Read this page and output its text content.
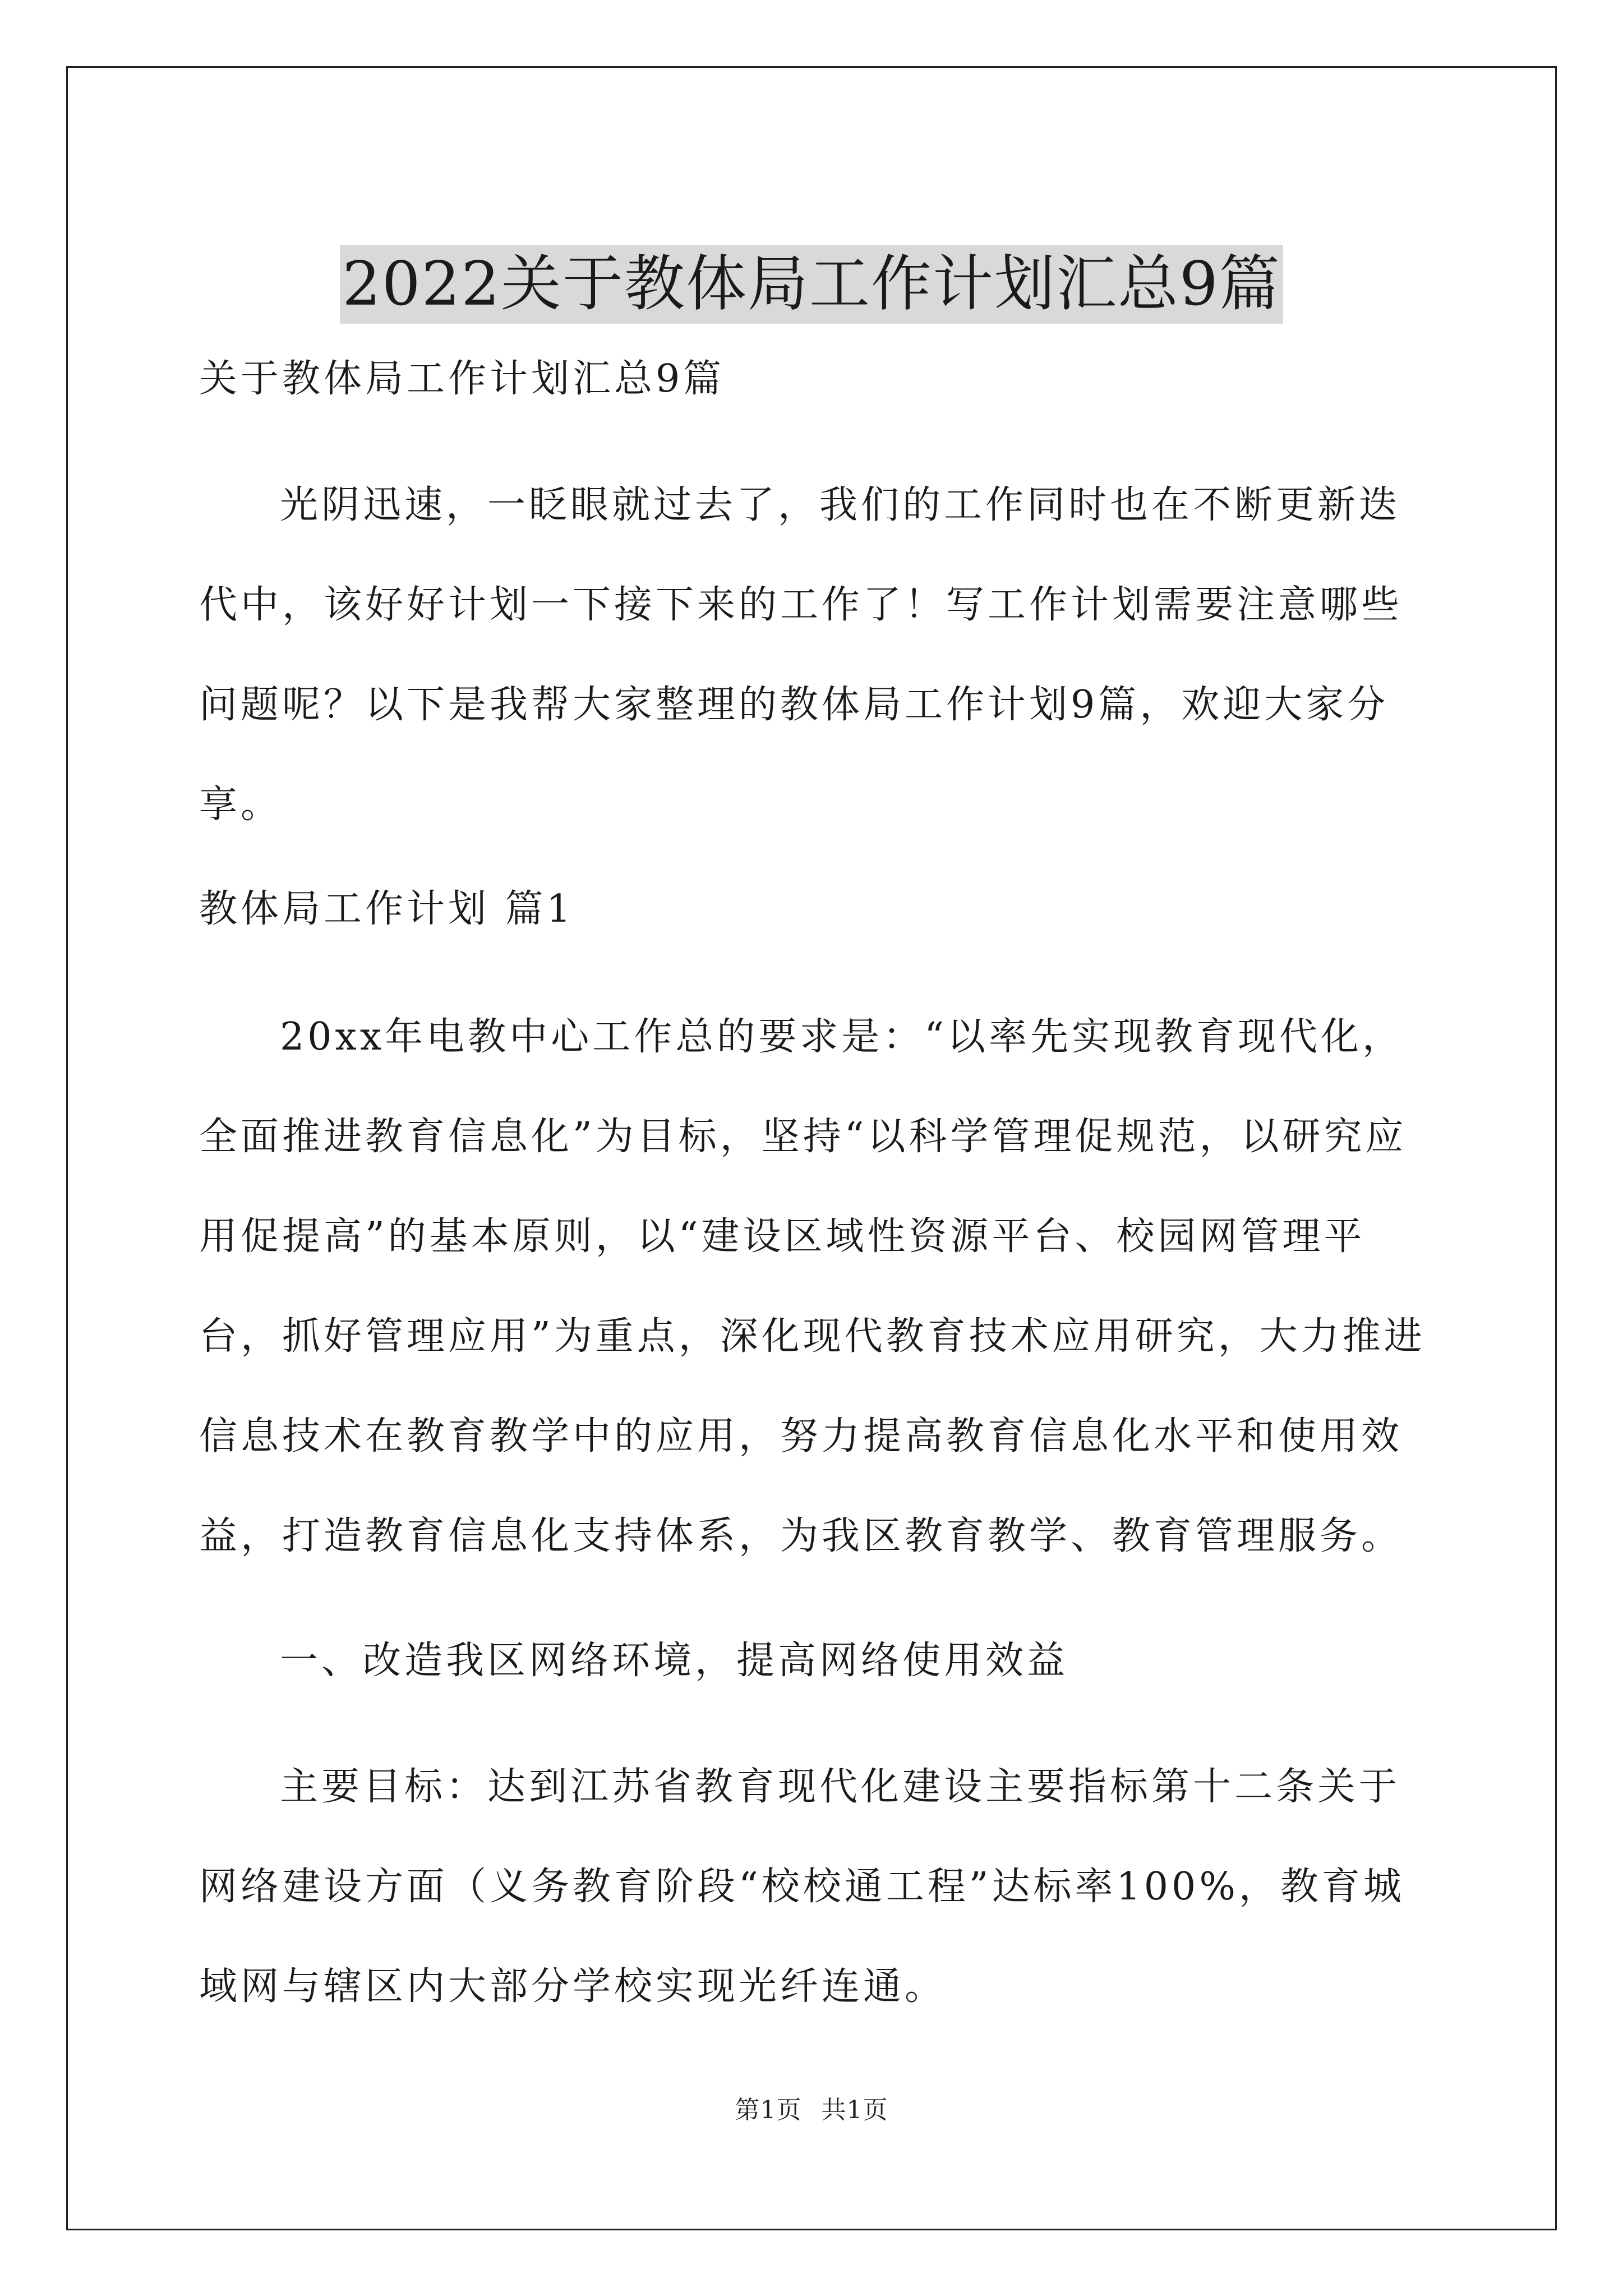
2022关于教体局工作计划汇总9篇

关于教体局工作计划汇总9篇

光阴迅速，一眨眼就过去了，我们的工作同时也在不断更新迭代中，该好好计划一下接下来的工作了！写工作计划需要注意哪些问题呢？以下是我帮大家整理的教体局工作计划9篇，欢迎大家分享。

教体局工作计划 篇1

20xx年电教中心工作总的要求是：“以率先实现教育现代化，全面推进教育信息化”为目标，坚持“以科学管理促规范，以研究应用促提高”的基本原则，以“建设区域性资源平台、校园网管理平台，抓好管理应用”为重点，深化现代教育技术应用研究，大力推进信息技术在教育教学中的应用，努力提高教育信息化水平和使用效益，打造教育信息化支持体系，为我区教育教学、教育管理服务。

一、改造我区网络环境，提高网络使用效益

主要目标：达到江苏省教育现代化建设主要指标第十二条关于网络建设方面（义务教育阶段“校校通工程”达标率100%，教育城域网与辖区内大部分学校实现光纤连通。

第1页 共1页
